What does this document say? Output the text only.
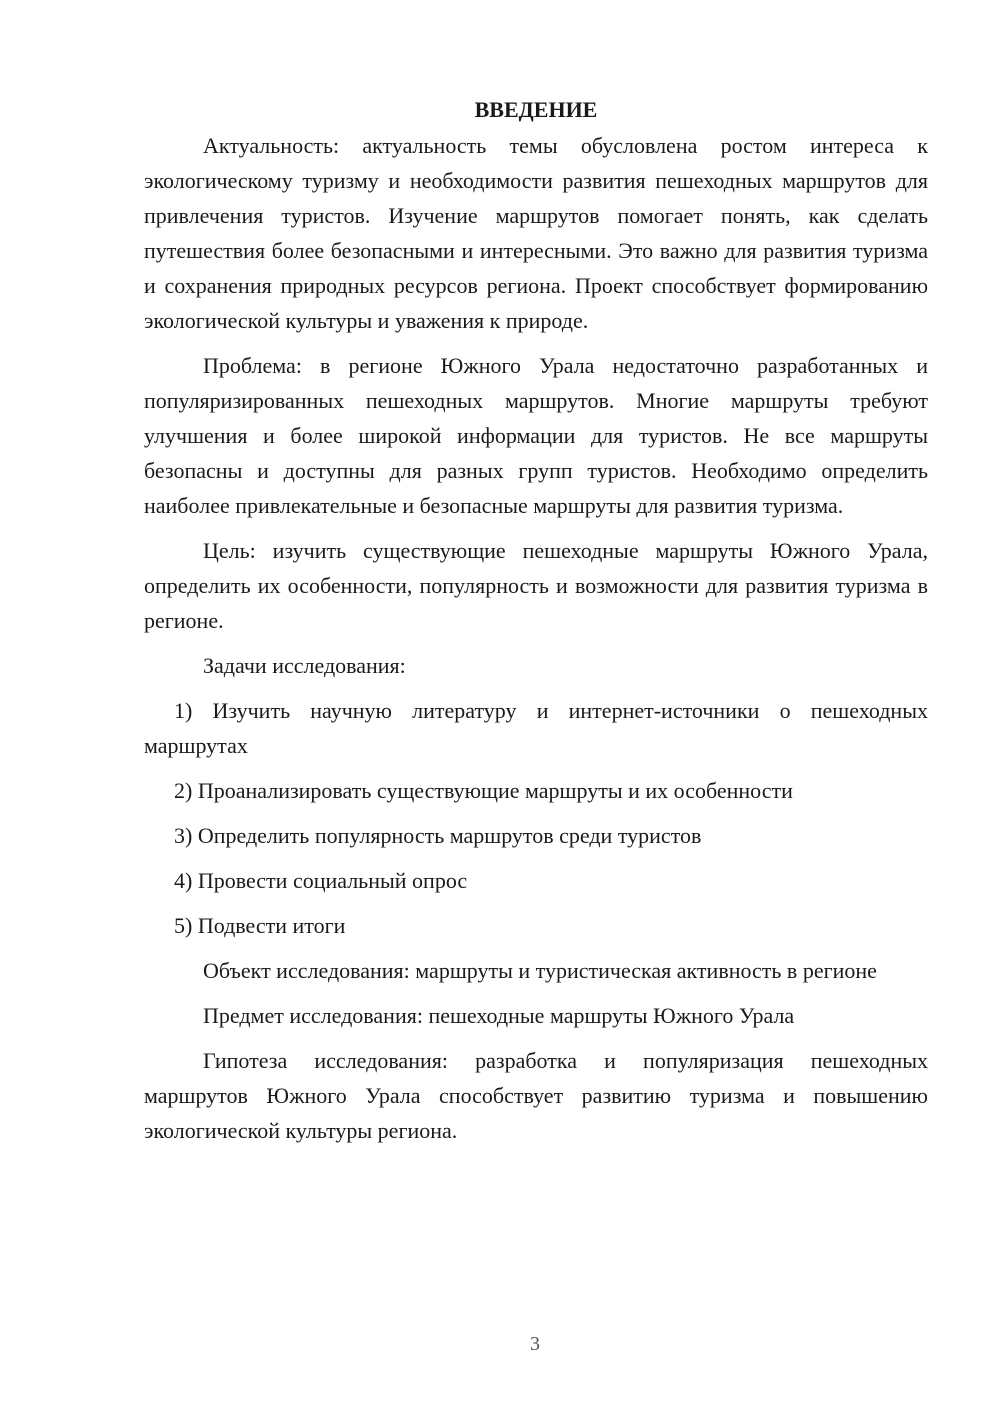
ВВЕДЕНИЕ

Актуальность: актуальность темы обусловлена ростом интереса к экологическому туризму и необходимости развития пешеходных маршрутов для привлечения туристов. Изучение маршрутов помогает понять, как сделать путешествия более безопасными и интересными. Это важно для развития туризма и сохранения природных ресурсов региона. Проект способствует формированию экологической культуры и уважения к природе.

Проблема: в регионе Южного Урала недостаточно разработанных и популяризированных пешеходных маршрутов. Многие маршруты требуют улучшения и более широкой информации для туристов. Не все маршруты безопасны и доступны для разных групп туристов. Необходимо определить наиболее привлекательные и безопасные маршруты для развития туризма.

Цель: изучить существующие пешеходные маршруты Южного Урала, определить их особенности, популярность и возможности для развития туризма в регионе.

Задачи исследования:

1) Изучить научную литературу и интернет-источники о пешеходных маршрутах

2) Проанализировать существующие маршруты и их особенности

3) Определить популярность маршрутов среди туристов

4) Провести социальный опрос

5) Подвести итоги

Объект исследования: маршруты и туристическая активность в регионе

Предмет исследования: пешеходные маршруты Южного Урала

Гипотеза исследования: разработка и популяризация пешеходных маршрутов Южного Урала способствует развитию туризма и повышению экологической культуры региона.

3
